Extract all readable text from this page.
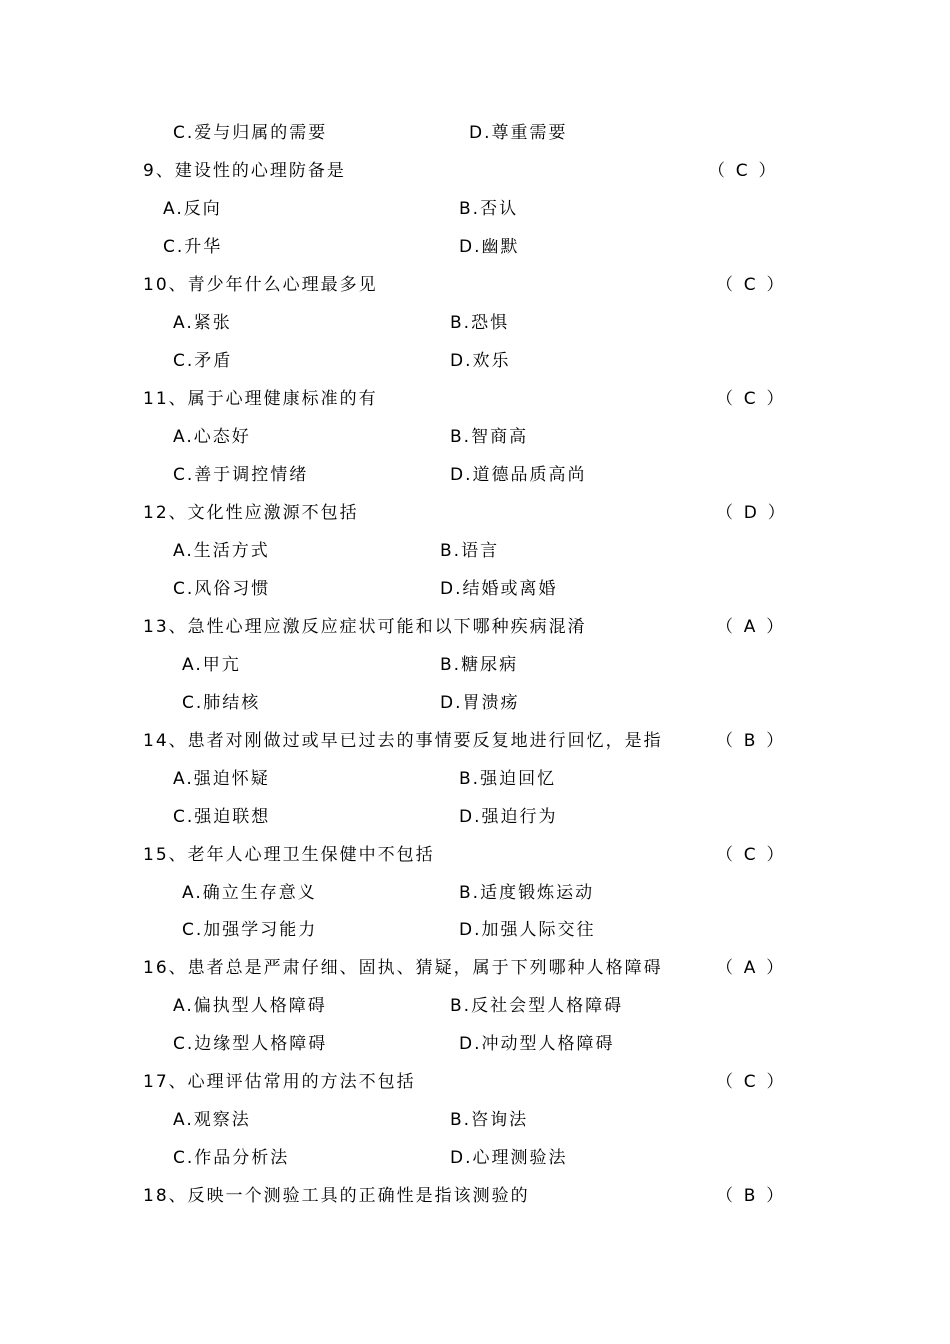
C.爱与归属的需要	D.尊重需要
9、建设性的心理防备是	（  C  ）
A.反向	B.否认
C.升华	D.幽默
10、青少年什么心理最多见	（  C  ）
A.紧张	B.恐惧
C.矛盾	D.欢乐
11、属于心理健康标准的有	（  C  ）
A.心态好	B.智商高
C.善于调控情绪	D.道德品质高尚
12、文化性应激源不包括	（  D  ）
A.生活方式	B.语言
C.风俗习惯	D.结婚或离婚
13、急性心理应激反应症状可能和以下哪种疾病混淆	（  A  ）
A.甲亢	B.糖尿病
C.肺结核	D.胃溃疡
14、患者对刚做过或早已过去的事情要反复地进行回忆，是指	（  B  ）
A.强迫怀疑	B.强迫回忆
C.强迫联想	D.强迫行为
15、老年人心理卫生保健中不包括	（  C  ）
A.确立生存意义	B.适度锻炼运动
C.加强学习能力	D.加强人际交往
16、患者总是严肃仔细、固执、猜疑，属于下列哪种人格障碍	（  A  ）
A.偏执型人格障碍	B.反社会型人格障碍
C.边缘型人格障碍	D.冲动型人格障碍
17、心理评估常用的方法不包括	（  C  ）
A.观察法	B.咨询法
C.作品分析法	D.心理测验法
18、反映一个测验工具的正确性是指该测验的	（  B  ）
